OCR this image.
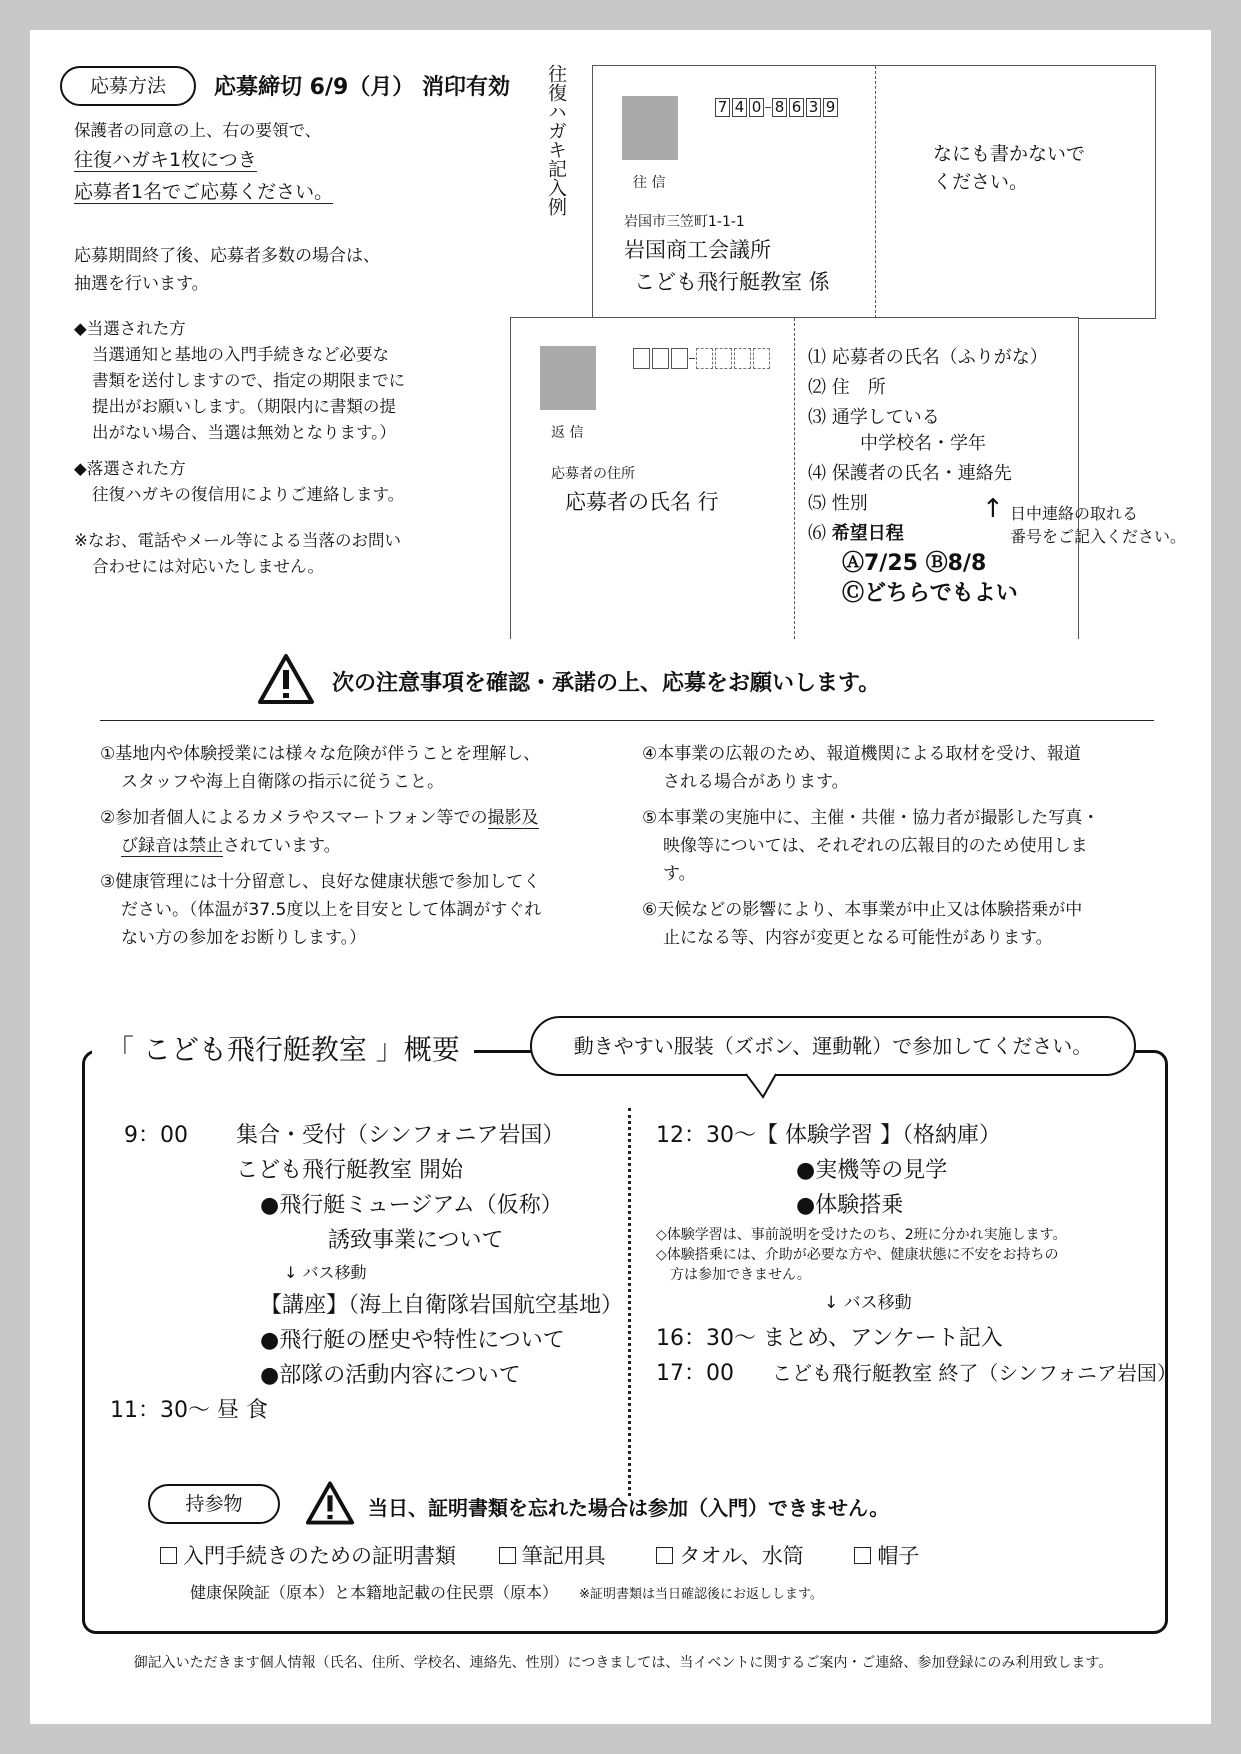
応募方法	応募締切 6/9（月） 消印有効
保護者の同意の上、右の要領で、
往復ハガキ1枚につき
応募者1名でご応募ください。
応募期間終了後、応募者多数の場合は、
抽選を行います。
◆当選された方
当選通知と基地の入門手続きなど必要な
書類を送付しますので、指定の期限までに
提出がお願いします。（期限内に書類の提
出がない場合、当選は無効となります。）
◆落選された方
往復ハガキの復信用によりご連絡します。
※なお、電話やメール等による当落のお問い
合わせには対応いたしません。
往復ハガキ記入例	往 信
7 4 0 8 6 3 9
岩国市三笠町1-1-1
岩国商工会議所
こども飛行艇教室 係
なにも書かないで
ください。
返 信
応募者の住所
応募者の氏名 行
⑴ 応募者の氏名（ふりがな）
⑵ 住　所
⑶ 通学している
中学校名・学年
⑷ 保護者の氏名・連絡先
⑸ 性別
⑹ 希望日程
Ⓐ7/25 Ⓑ8/8
Ⓒどちらでもよい
↑ 日中連絡の取れる
番号をご記入ください。
次の注意事項を確認・承諾の上、応募をお願いします。
①基地内や体験授業には様々な危険が伴うことを理解し、
スタッフや海上自衛隊の指示に従うこと。
②参加者個人によるカメラやスマートフォン等での撮影及
び録音は禁止されています。
③健康管理には十分留意し、良好な健康状態で参加してく
ださい。（体温が37.5度以上を目安として体調がすぐれ
ない方の参加をお断りします。）
④本事業の広報のため、報道機関による取材を受け、報道
される場合があります。
⑤本事業の実施中に、主催・共催・協力者が撮影した写真・
映像等については、それぞれの広報目的のため使用しま
す。
⑥天候などの影響により、本事業が中止又は体験搭乗が中
止になる等、内容が変更となる可能性があります。
「 こども飛行艇教室 」概要	動きやすい服装（ズボン、運動靴）で参加してください。
9：00 集合・受付（シンフォニア岩国）
こども飛行艇教室 開始
●飛行艇ミュージアム（仮称）
誘致事業について
↓ バス移動
【講座】（海上自衛隊岩国航空基地）
●飛行艇の歴史や特性について
●部隊の活動内容について
11：30〜 昼 食
12：30〜【 体験学習 】（格納庫）
●実機等の見学
●体験搭乗
◇体験学習は、事前説明を受けたのち、2班に分かれ実施します。
◇体験搭乗には、介助が必要な方や、健康状態に不安をお持ちの
方は参加できません。
↓ バス移動
16：30〜 まとめ、アンケート記入
17：00 こども飛行艇教室 終了（シンフォニア岩国）
持参物	当日、証明書類を忘れた場合は参加（入門）できません。
入門手続きのための証明書類	筆記用具	タオル、水筒	帽子
健康保険証（原本）と本籍地記載の住民票（原本） ※証明書類は当日確認後にお返しします。
御記入いただきます個人情報（氏名、住所、学校名、連絡先、性別）につきましては、当イベントに関するご案内・ご連絡、参加登録にのみ利用致します。
